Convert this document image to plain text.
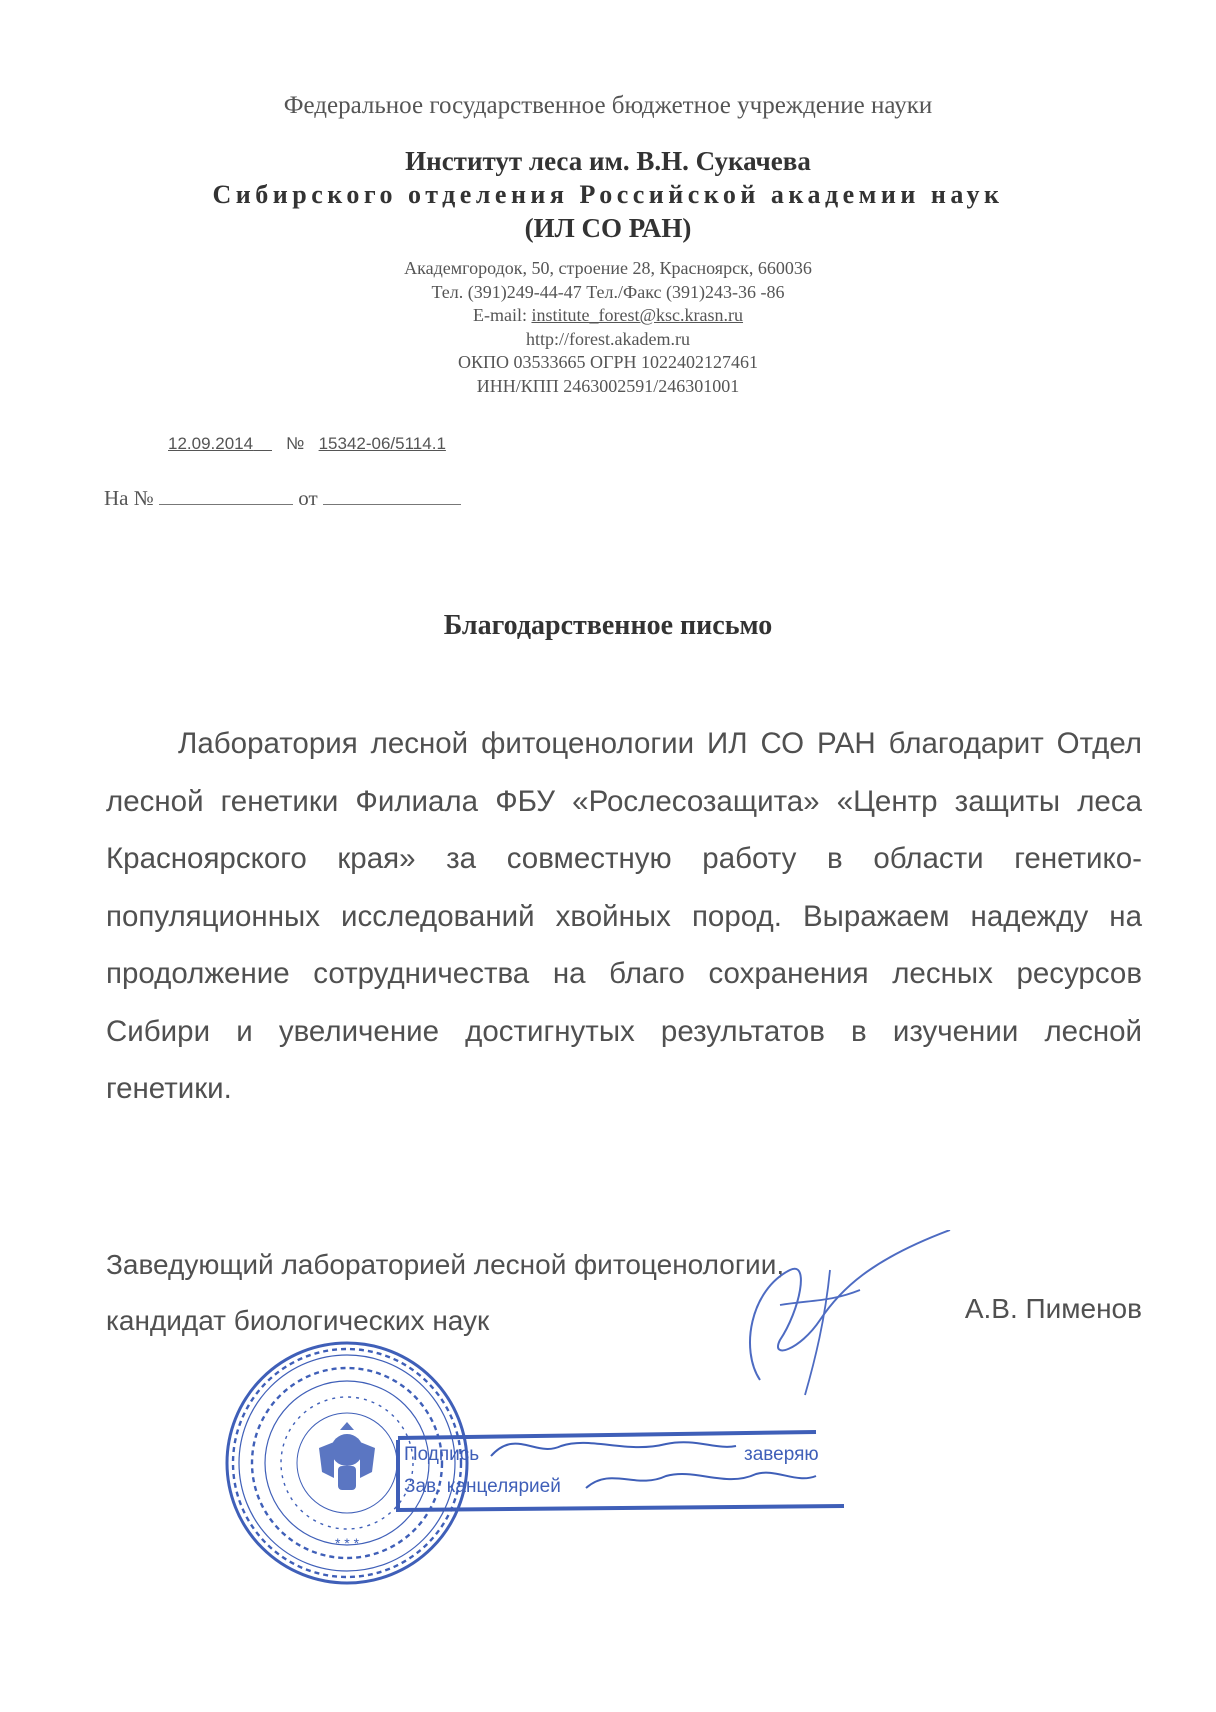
Федеральное государственное бюджетное учреждение науки
Институт леса им. В.Н. Сукачева
Сибирского отделения Российской академии наук
(ИЛ СО РАН)
Академгородок, 50, строение 28, Красноярск, 660036
Тел. (391)249-44-47 Тел./Факс (391)243-36 -86
E-mail: institute_forest@ksc.krasn.ru
http://forest.akadem.ru
ОКПО 03533665 ОГРН 1022402127461
ИНН/КПП 2463002591/246301001
12.09.2014 № 15342-06/5114.1
На №	от
Благодарственное письмо
Лаборатория лесной фитоценологии ИЛ СО РАН благодарит Отдел лесной генетики Филиала ФБУ «Рослесозащита» «Центр защиты леса Красноярского края» за совместную работу в области генетико-популяционных исследований хвойных пород. Выражаем надежду на продолжение сотрудничества на благо сохранения лесных ресурсов Сибири и увеличение достигнутых результатов в изучении лесной генетики.
Заведующий лабораторией лесной фитоценологии,
кандидат биологических наук	А.В. Пименов
* * *
Подпись	заверяю
Зав. канцелярией
